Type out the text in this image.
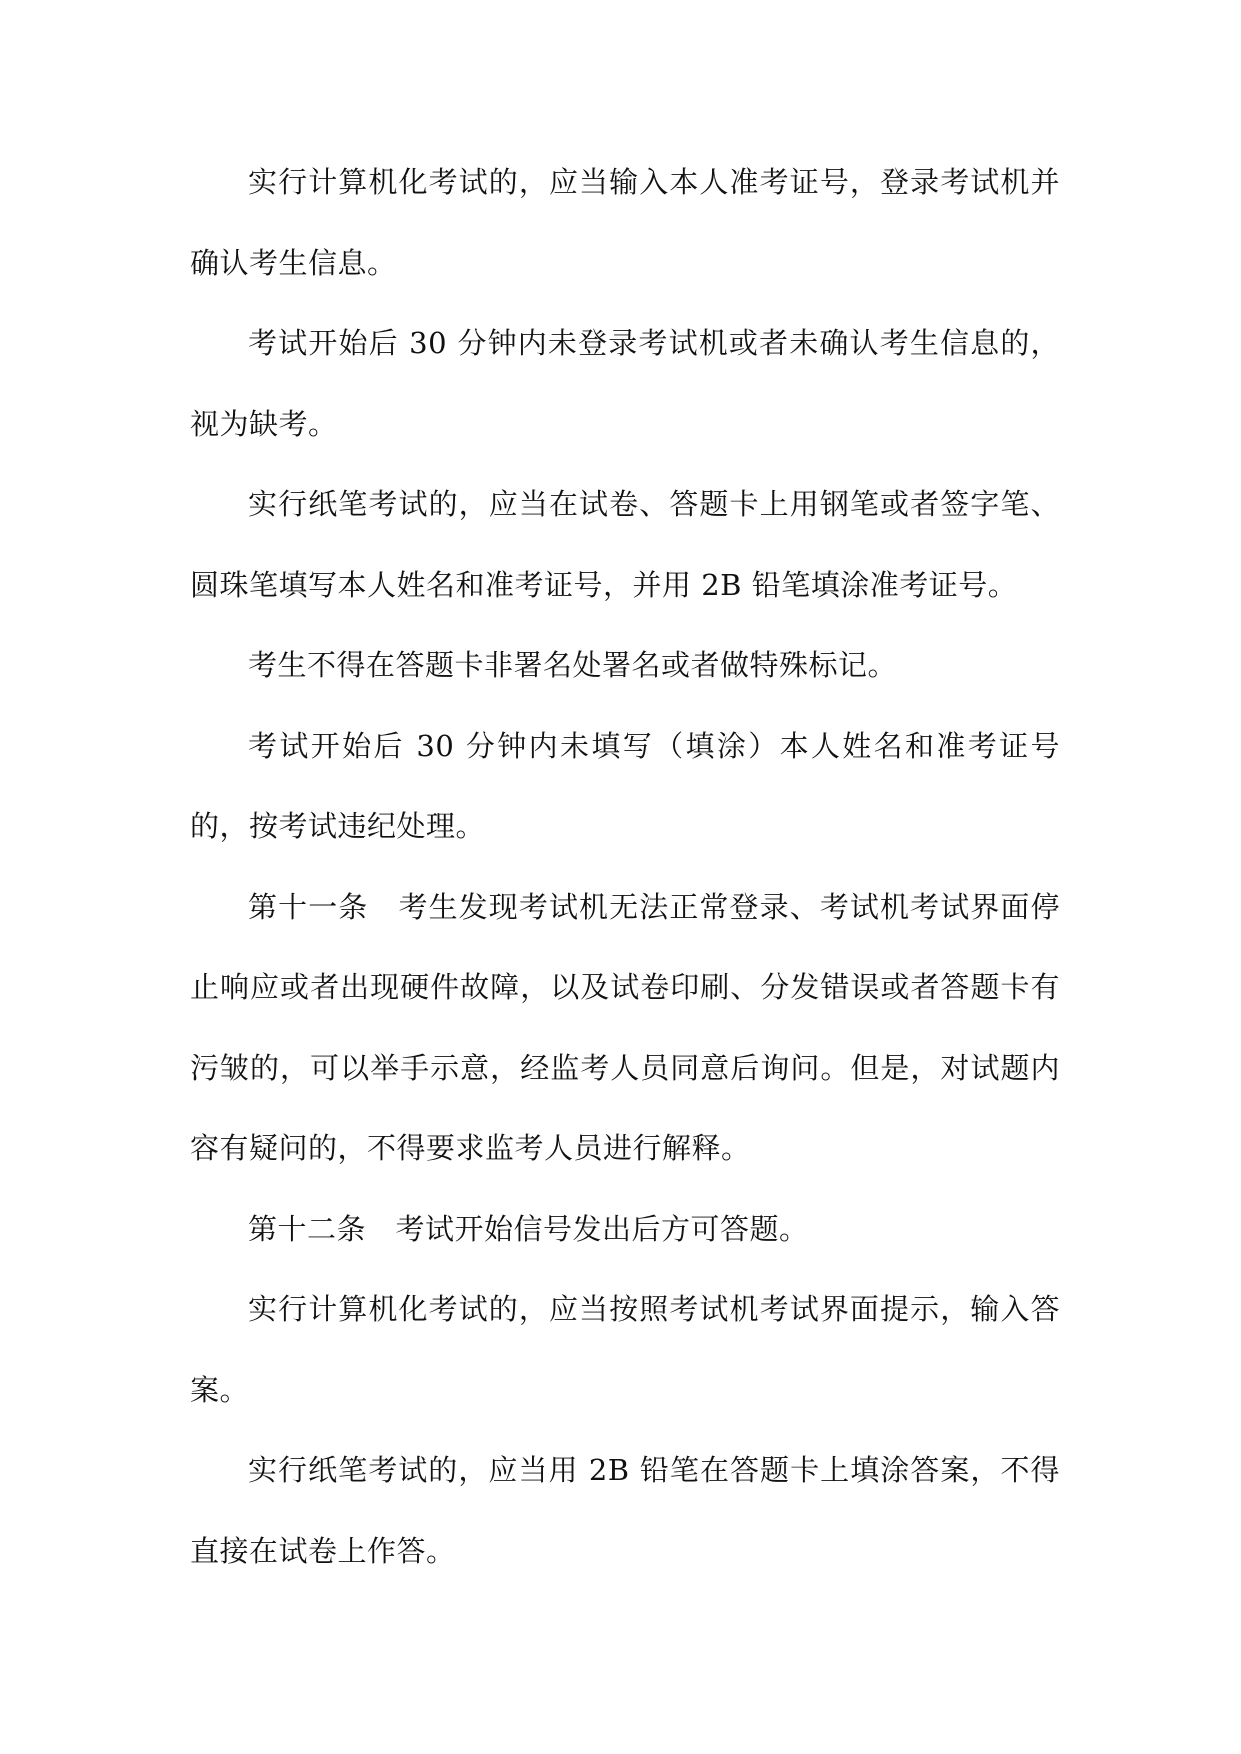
实行计算机化考试的，应当输入本人准考证号，登录考试机并确认考生信息。

考试开始后 30 分钟内未登录考试机或者未确认考生信息的，视为缺考。

实行纸笔考试的，应当在试卷、答题卡上用钢笔或者签字笔、圆珠笔填写本人姓名和准考证号，并用 2B 铅笔填涂准考证号。

考生不得在答题卡非署名处署名或者做特殊标记。

考试开始后 30 分钟内未填写（填涂）本人姓名和准考证号的，按考试违纪处理。

第十一条　考生发现考试机无法正常登录、考试机考试界面停止响应或者出现硬件故障，以及试卷印刷、分发错误或者答题卡有污皱的，可以举手示意，经监考人员同意后询问。但是，对试题内容有疑问的，不得要求监考人员进行解释。

第十二条　考试开始信号发出后方可答题。

实行计算机化考试的，应当按照考试机考试界面提示，输入答案。

实行纸笔考试的，应当用 2B 铅笔在答题卡上填涂答案，不得直接在试卷上作答。
